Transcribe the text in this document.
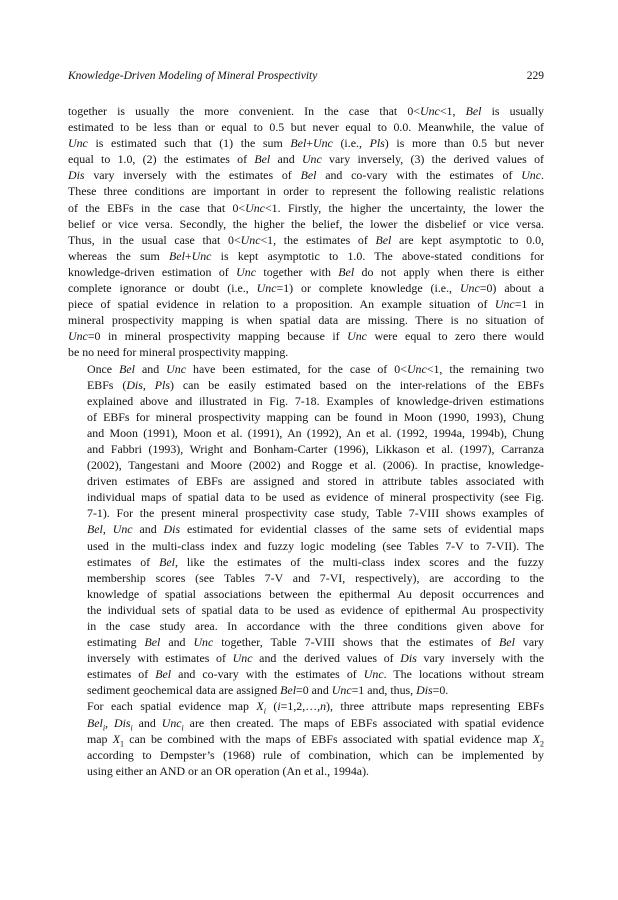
Knowledge-Driven Modeling of Mineral Prospectivity	229

together is usually the more convenient. In the case that 0<Unc<1, Bel is usually
estimated to be less than or equal to 0.5 but never equal to 0.0. Meanwhile, the value of
Unc is estimated such that (1) the sum Bel+Unc (i.e., Pls) is more than 0.5 but never
equal to 1.0, (2) the estimates of Bel and Unc vary inversely, (3) the derived values of
Dis vary inversely with the estimates of Bel and co-vary with the estimates of Unc.
These three conditions are important in order to represent the following realistic relations
of the EBFs in the case that 0<Unc<1. Firstly, the higher the uncertainty, the lower the
belief or vice versa. Secondly, the higher the belief, the lower the disbelief or vice versa.
Thus, in the usual case that 0<Unc<1, the estimates of Bel are kept asymptotic to 0.0,
whereas the sum Bel+Unc is kept asymptotic to 1.0. The above-stated conditions for
knowledge-driven estimation of Unc together with Bel do not apply when there is either
complete ignorance or doubt (i.e., Unc=1) or complete knowledge (i.e., Unc=0) about a
piece of spatial evidence in relation to a proposition. An example situation of Unc=1 in
mineral prospectivity mapping is when spatial data are missing. There is no situation of
Unc=0 in mineral prospectivity mapping because if Unc were equal to zero there would
be no need for mineral prospectivity mapping.

Once Bel and Unc have been estimated, for the case of 0<Unc<1, the remaining two
EBFs (Dis, Pls) can be easily estimated based on the inter-relations of the EBFs
explained above and illustrated in Fig. 7-18. Examples of knowledge-driven estimations
of EBFs for mineral prospectivity mapping can be found in Moon (1990, 1993), Chung
and Moon (1991), Moon et al. (1991), An (1992), An et al. (1992, 1994a, 1994b), Chung
and Fabbri (1993), Wright and Bonham-Carter (1996), Likkason et al. (1997), Carranza
(2002), Tangestani and Moore (2002) and Rogge et al. (2006). In practise, knowledge-
driven estimates of EBFs are assigned and stored in attribute tables associated with
individual maps of spatial data to be used as evidence of mineral prospectivity (see Fig.
7-1). For the present mineral prospectivity case study, Table 7-VIII shows examples of
Bel, Unc and Dis estimated for evidential classes of the same sets of evidential maps
used in the multi-class index and fuzzy logic modeling (see Tables 7-V to 7-VII). The
estimates of Bel, like the estimates of the multi-class index scores and the fuzzy
membership scores (see Tables 7-V and 7-VI, respectively), are according to the
knowledge of spatial associations between the epithermal Au deposit occurrences and
the individual sets of spatial data to be used as evidence of epithermal Au prospectivity
in the case study area. In accordance with the three conditions given above for
estimating Bel and Unc together, Table 7-VIII shows that the estimates of Bel vary
inversely with estimates of Unc and the derived values of Dis vary inversely with the
estimates of Bel and co-vary with the estimates of Unc. The locations without stream
sediment geochemical data are assigned Bel=0 and Unc=1 and, thus, Dis=0.

For each spatial evidence map $X_i$ (i=1,2,…,n), three attribute maps representing EBFs
Bel$_i$, Dis$_i$ and Unc$_i$ are then created. The maps of EBFs associated with spatial evidence
map $X_1$ can be combined with the maps of EBFs associated with spatial evidence map $X_2$
according to Dempster’s (1968) rule of combination, which can be implemented by
using either an AND or an OR operation (An et al., 1994a).
